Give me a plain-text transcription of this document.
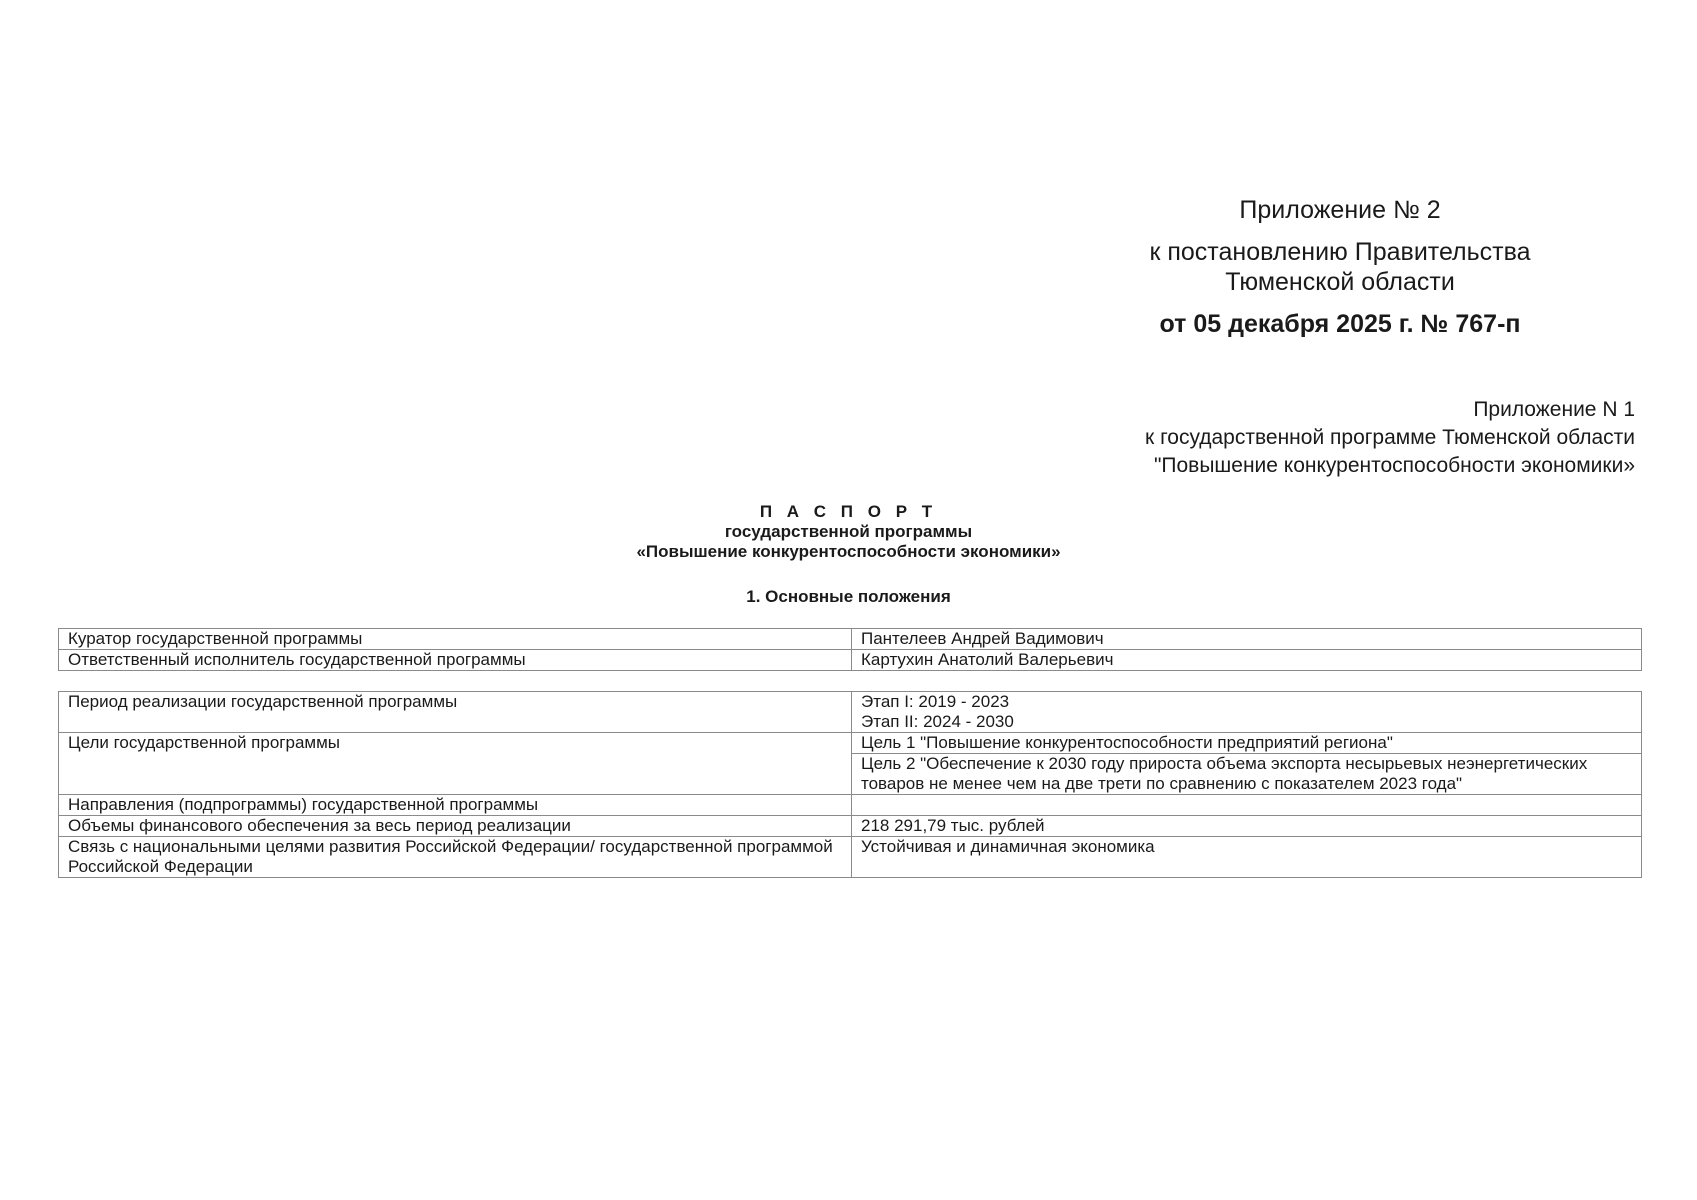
Приложение № 2
к постановлению Правительства
Тюменской области
от 05 декабря 2025 г. № 767-п
Приложение N 1
к государственной программе Тюменской области
"Повышение конкурентоспособности экономики»
П А С П О Р Т
государственной программы
«Повышение конкурентоспособности экономики»
1. Основные положения
Куратор государственной программы	Пантелеев Андрей Вадимович
Ответственный исполнитель государственной программы	Картухин Анатолий Валерьевич
Период реализации государственной программы	Этап I: 2019 - 2023
Этап II: 2024 - 2030

Цели государственной программы	Цель 1 "Повышение конкурентоспособности предприятий региона"
	Цель 2 "Обеспечение к 2030 году прироста объема экспорта несырьевых неэнергетических товаров не менее чем на две трети по сравнению с показателем 2023 года"
Направления (подпрограммы) государственной программы	
Объемы финансового обеспечения за весь период реализации	218 291,79 тыс. рублей
Связь с национальными целями развития Российской Федерации/ государственной программой Российской Федерации	Устойчивая и динамичная экономика
